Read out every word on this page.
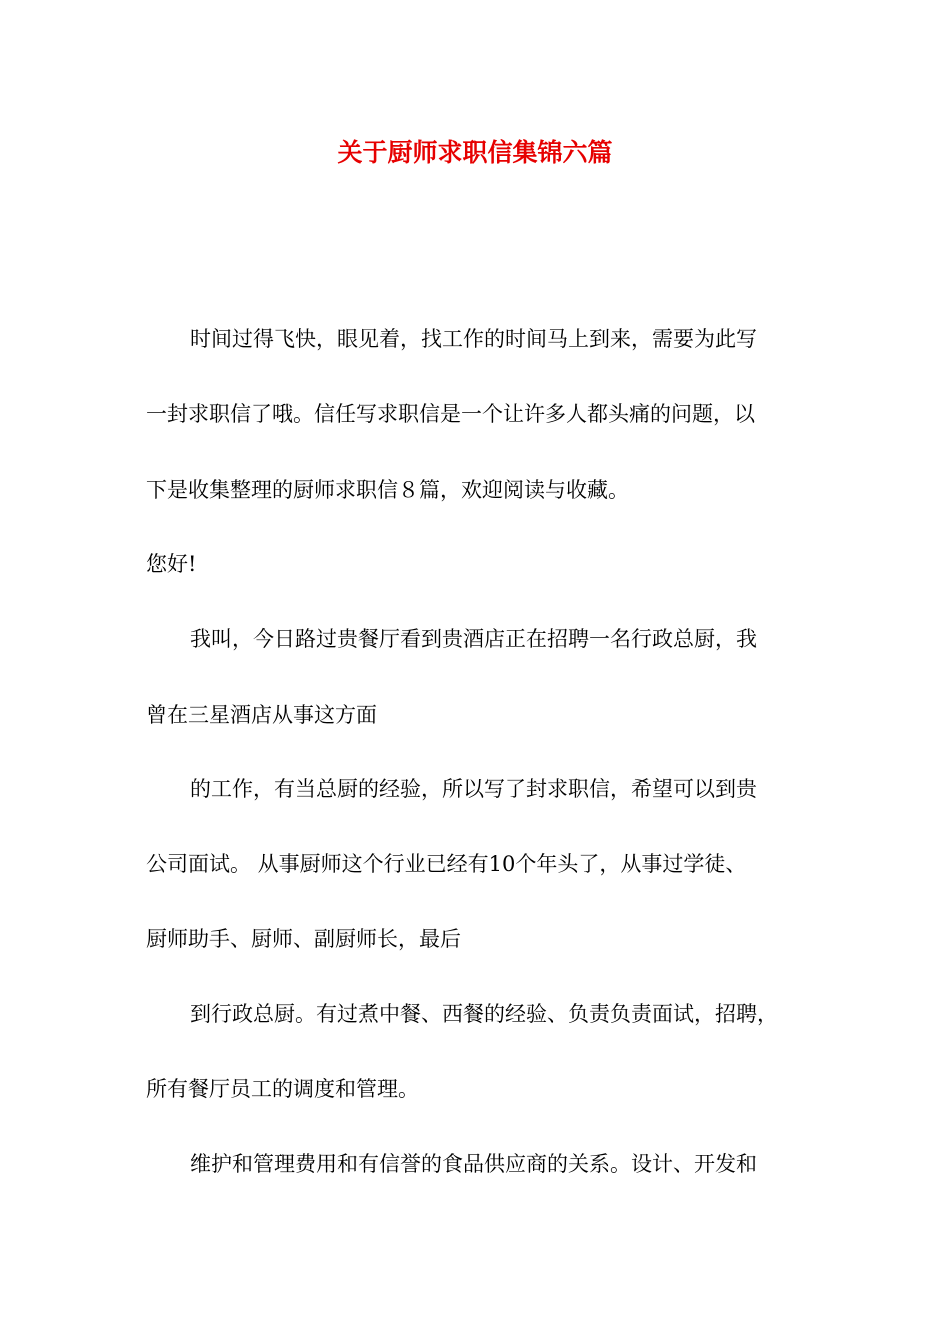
关于厨师求职信集锦六篇
时间过得飞快，眼见着，找工作的时间马上到来，需要为此写
一封求职信了哦。信任写求职信是一个让许多人都头痛的问题，以
下是收集整理的厨师求职信８篇，欢迎阅读与收藏。
您好!
我叫，今日路过贵餐厅看到贵酒店正在招聘一名行政总厨，我
曾在三星酒店从事这方面
的工作，有当总厨的经验，所以写了封求职信，希望可以到贵
公司面试。 从事厨师这个行业已经有10个年头了，从事过学徒、
厨师助手、厨师、副厨师长，最后
到行政总厨。有过煮中餐、西餐的经验、负责负责面试，招聘，
所有餐厅员工的调度和管理。
维护和管理费用和有信誉的食品供应商的关系。设计、开发和
